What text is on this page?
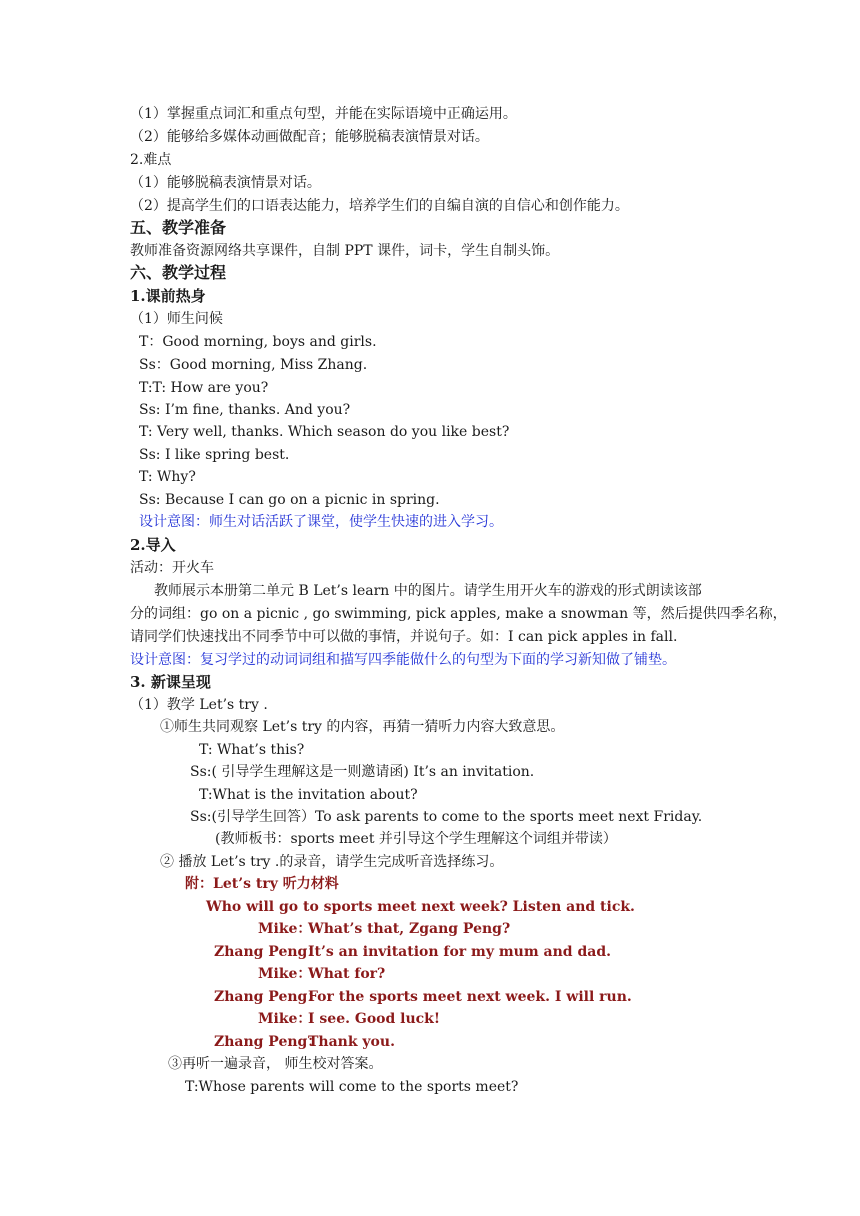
（1）掌握重点词汇和重点句型，并能在实际语境中正确运用。
（2）能够给多媒体动画做配音；能够脱稿表演情景对话。
2.难点
（1）能够脱稿表演情景对话。
（2）提高学生们的口语表达能力，培养学生们的自编自演的自信心和创作能力。
五、教学准备
教师准备资源网络共享课件，自制 PPT 课件，词卡，学生自制头饰。
六、教学过程
1.课前热身
（1）师生问候
T：Good morning, boys and girls.
Ss：Good morning, Miss Zhang.
T:T: How are you?
Ss: I’m fine, thanks. And you?
T: Very well, thanks. Which season do you like best?
Ss: I like spring best.
T: Why?
Ss: Because I can go on a picnic in spring.
设计意图：师生对话活跃了课堂，使学生快速的进入学习。
2.导入
活动：开火车
教师展示本册第二单元 B Let’s learn 中的图片。请学生用开火车的游戏的形式朗读该部
分的词组：go on a picnic , go swimming, pick apples, make a snowman 等，然后提供四季名称，
请同学们快速找出不同季节中可以做的事情，并说句子。如：I can pick apples in fall.
设计意图：复习学过的动词词组和描写四季能做什么的句型为下面的学习新知做了铺垫。
3. 新课呈现
（1）教学 Let’s try .
①师生共同观察 Let’s try 的内容，再猜一猜听力内容大致意思。
T: What’s this?
Ss:( 引导学生理解这是一则邀请函) It’s an invitation.
T:What is the invitation about?
Ss:(引导学生回答）To ask parents to come to the sports meet next Friday.
(教师板书：sports meet 并引导这个学生理解这个词组并带读）
② 播放 Let’s try .的录音，请学生完成听音选择练习。
附：Let’s try 听力材料
Who will go to sports meet next week? Listen and tick.
Mike：
What’s that, Zgang Peng?
Zhang Peng：
It’s an invitation for my mum and dad.
Mike：
What for?
Zhang Peng：
For the sports meet next week. I will run.
Mike：
I see. Good luck!
Zhang Peng：
Thank you.
③再听一遍录音， 师生校对答案。
T:Whose parents will come to the sports meet?
